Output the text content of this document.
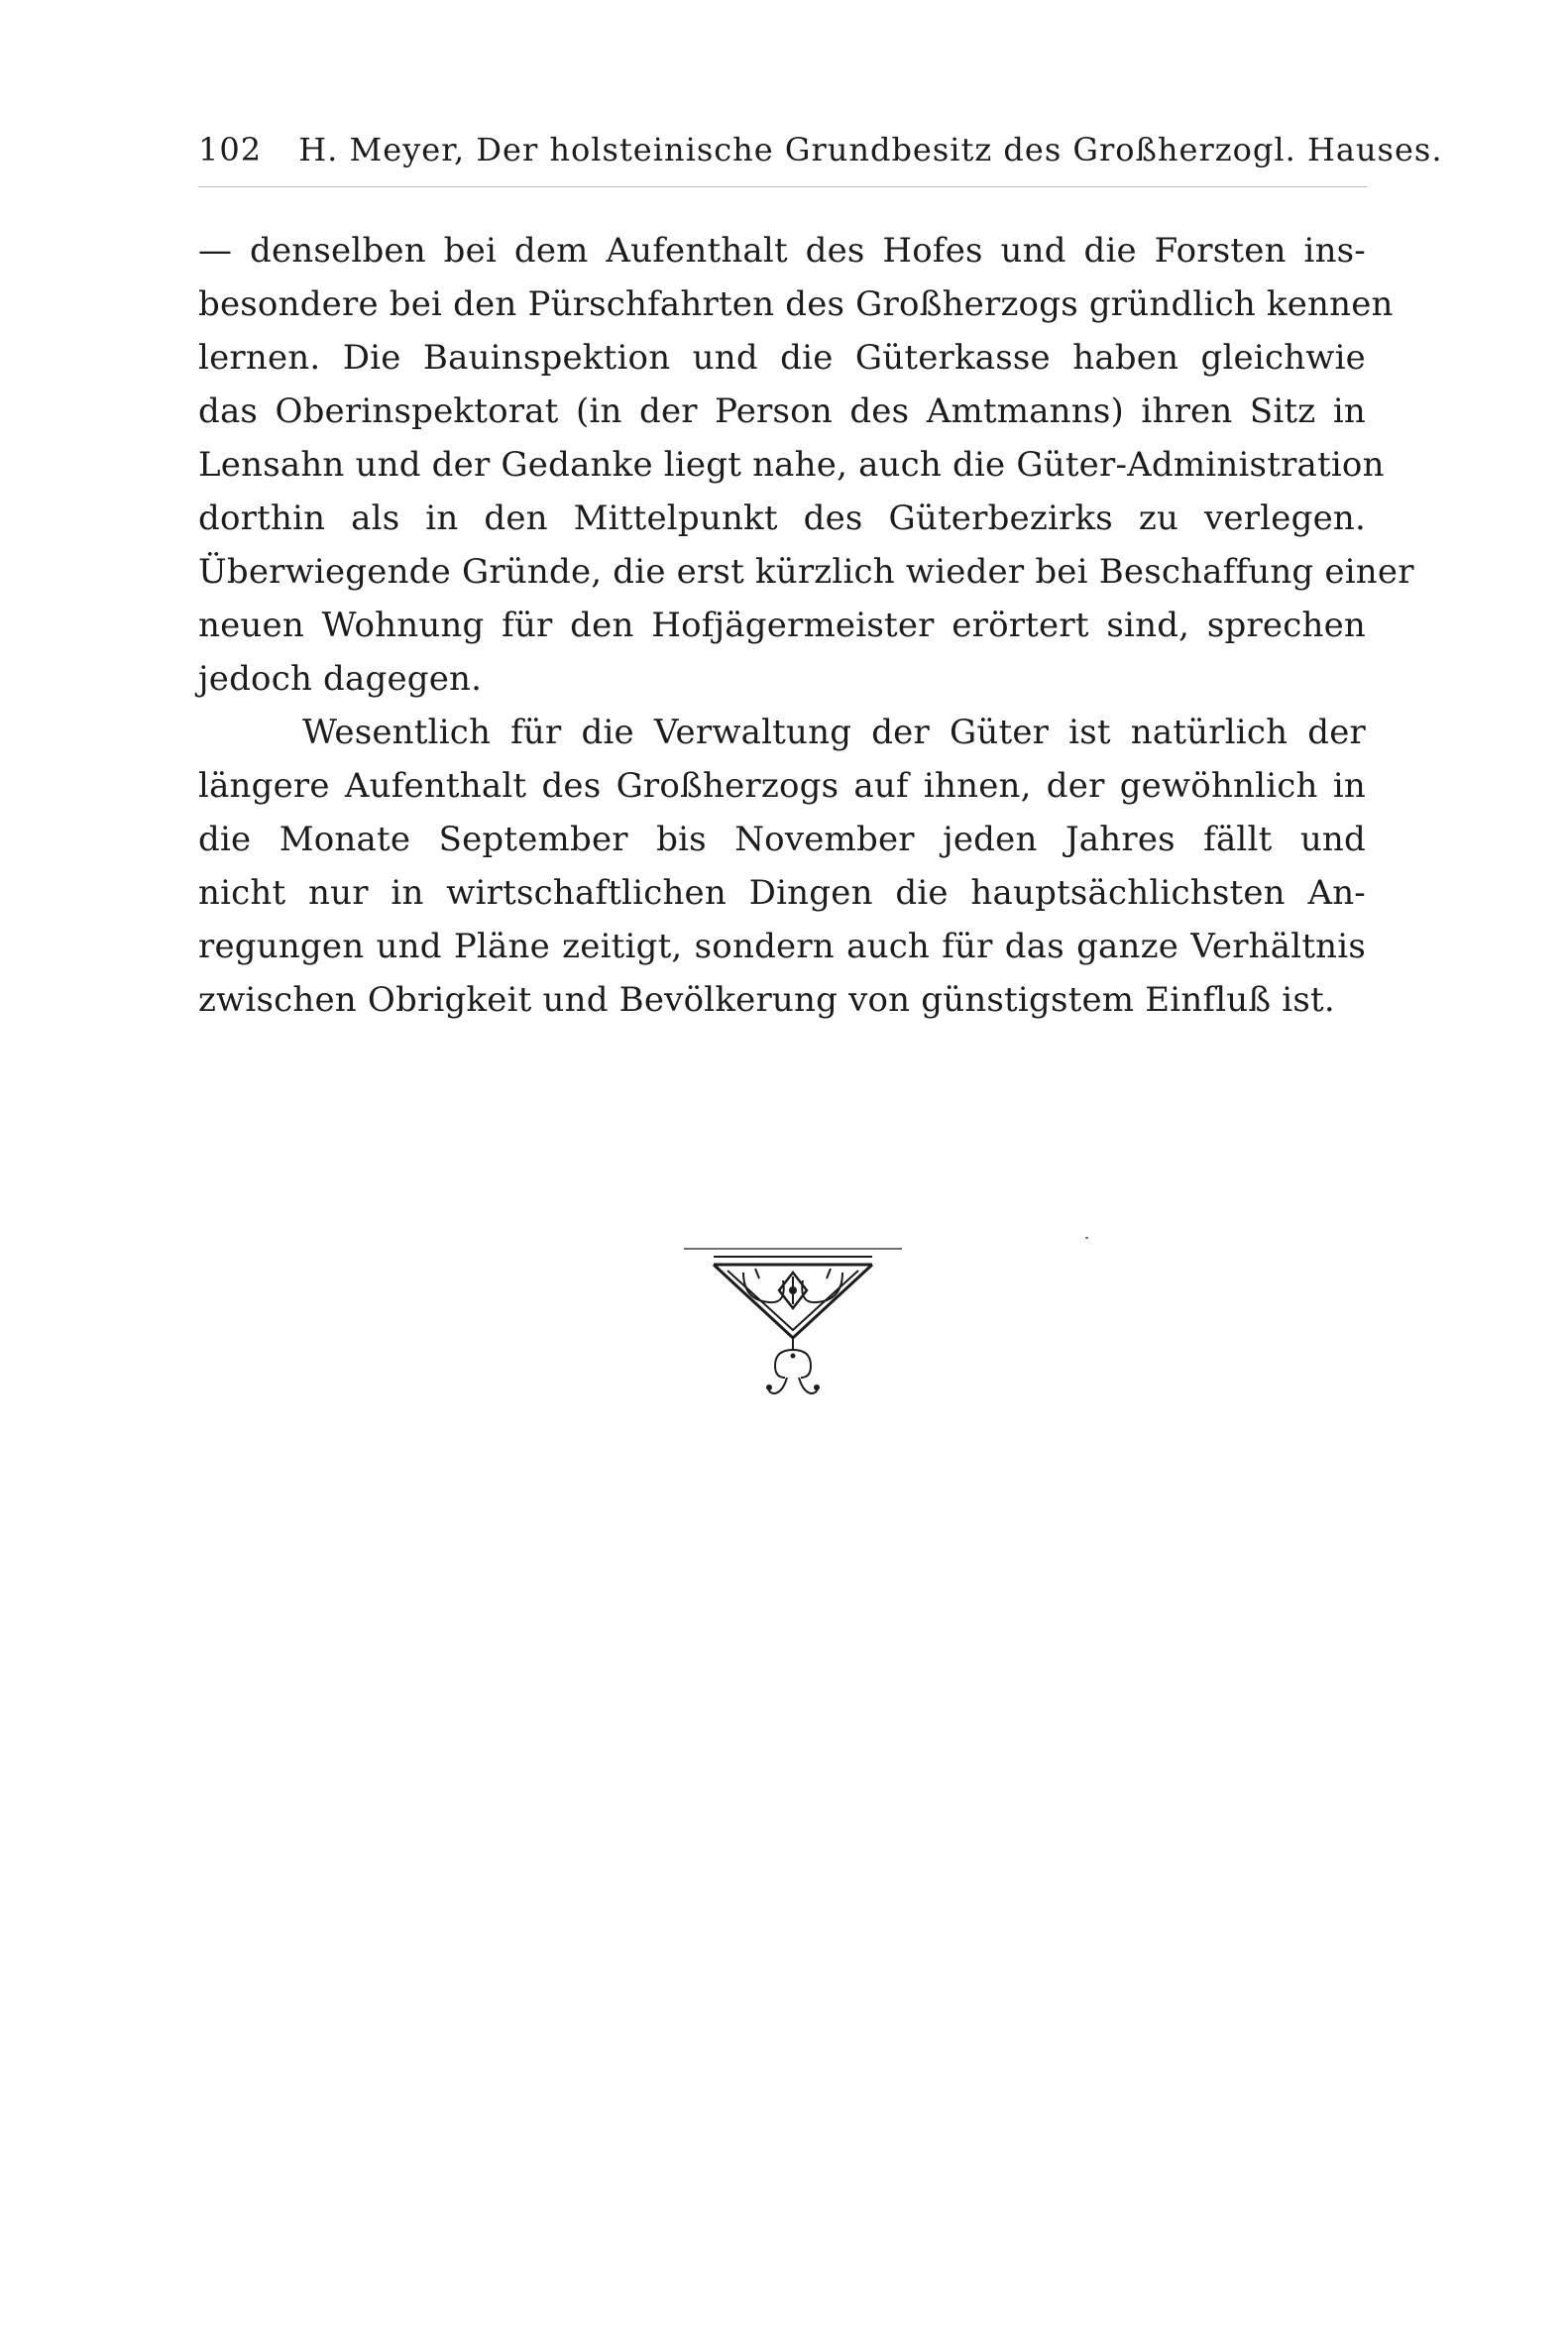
102 H. Meyer, Der holsteinische Grundbesitz des Großherzogl. Hauses.
— denselben bei dem Aufenthalt des Hofes und die Forsten ins-
besondere bei den Pürschfahrten des Großherzogs gründlich kennen
lernen. Die Bauinspektion und die Güterkasse haben gleichwie
das Oberinspektorat (in der Person des Amtmanns) ihren Sitz in
Lensahn und der Gedanke liegt nahe, auch die Güter-Administration
dorthin als in den Mittelpunkt des Güterbezirks zu verlegen.
Überwiegende Gründe, die erst kürzlich wieder bei Beschaffung einer
neuen Wohnung für den Hofjägermeister erörtert sind, sprechen
jedoch dagegen.
Wesentlich für die Verwaltung der Güter ist natürlich der
längere Aufenthalt des Großherzogs auf ihnen, der gewöhnlich in
die Monate September bis November jeden Jahres fällt und
nicht nur in wirtschaftlichen Dingen die hauptsächlichsten An-
regungen und Pläne zeitigt, sondern auch für das ganze Verhältnis
zwischen Obrigkeit und Bevölkerung von günstigstem Einfluß ist.
